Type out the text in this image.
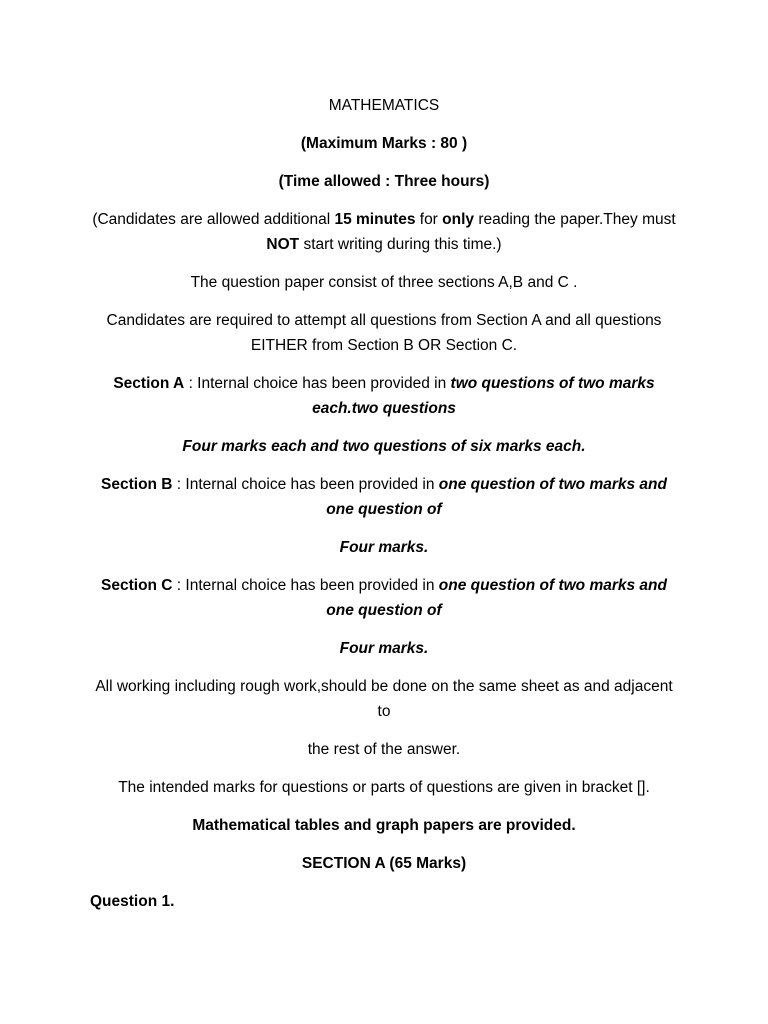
MATHEMATICS

(Maximum Marks : 80 )

(Time allowed : Three hours)

(Candidates are allowed additional 15 minutes for only reading the paper.They must NOT start writing during this time.)

The question paper consist of three sections A,B and C .

Candidates are required to attempt all questions from Section A and all questions EITHER from Section B OR Section C.

Section A : Internal choice has been provided in two questions of two marks each.two questions

Four marks each and two questions of six marks each.

Section B : Internal choice has been provided in one question of two marks and one question of

Four marks.

Section C : Internal choice has been provided in one question of two marks and one question of

Four marks.

All working including rough work,should be done on the same sheet as and adjacent to

the rest of the answer.

The intended marks for questions or parts of questions are given in bracket [].

Mathematical tables and graph papers are provided.

SECTION A (65 Marks)

Question 1.
